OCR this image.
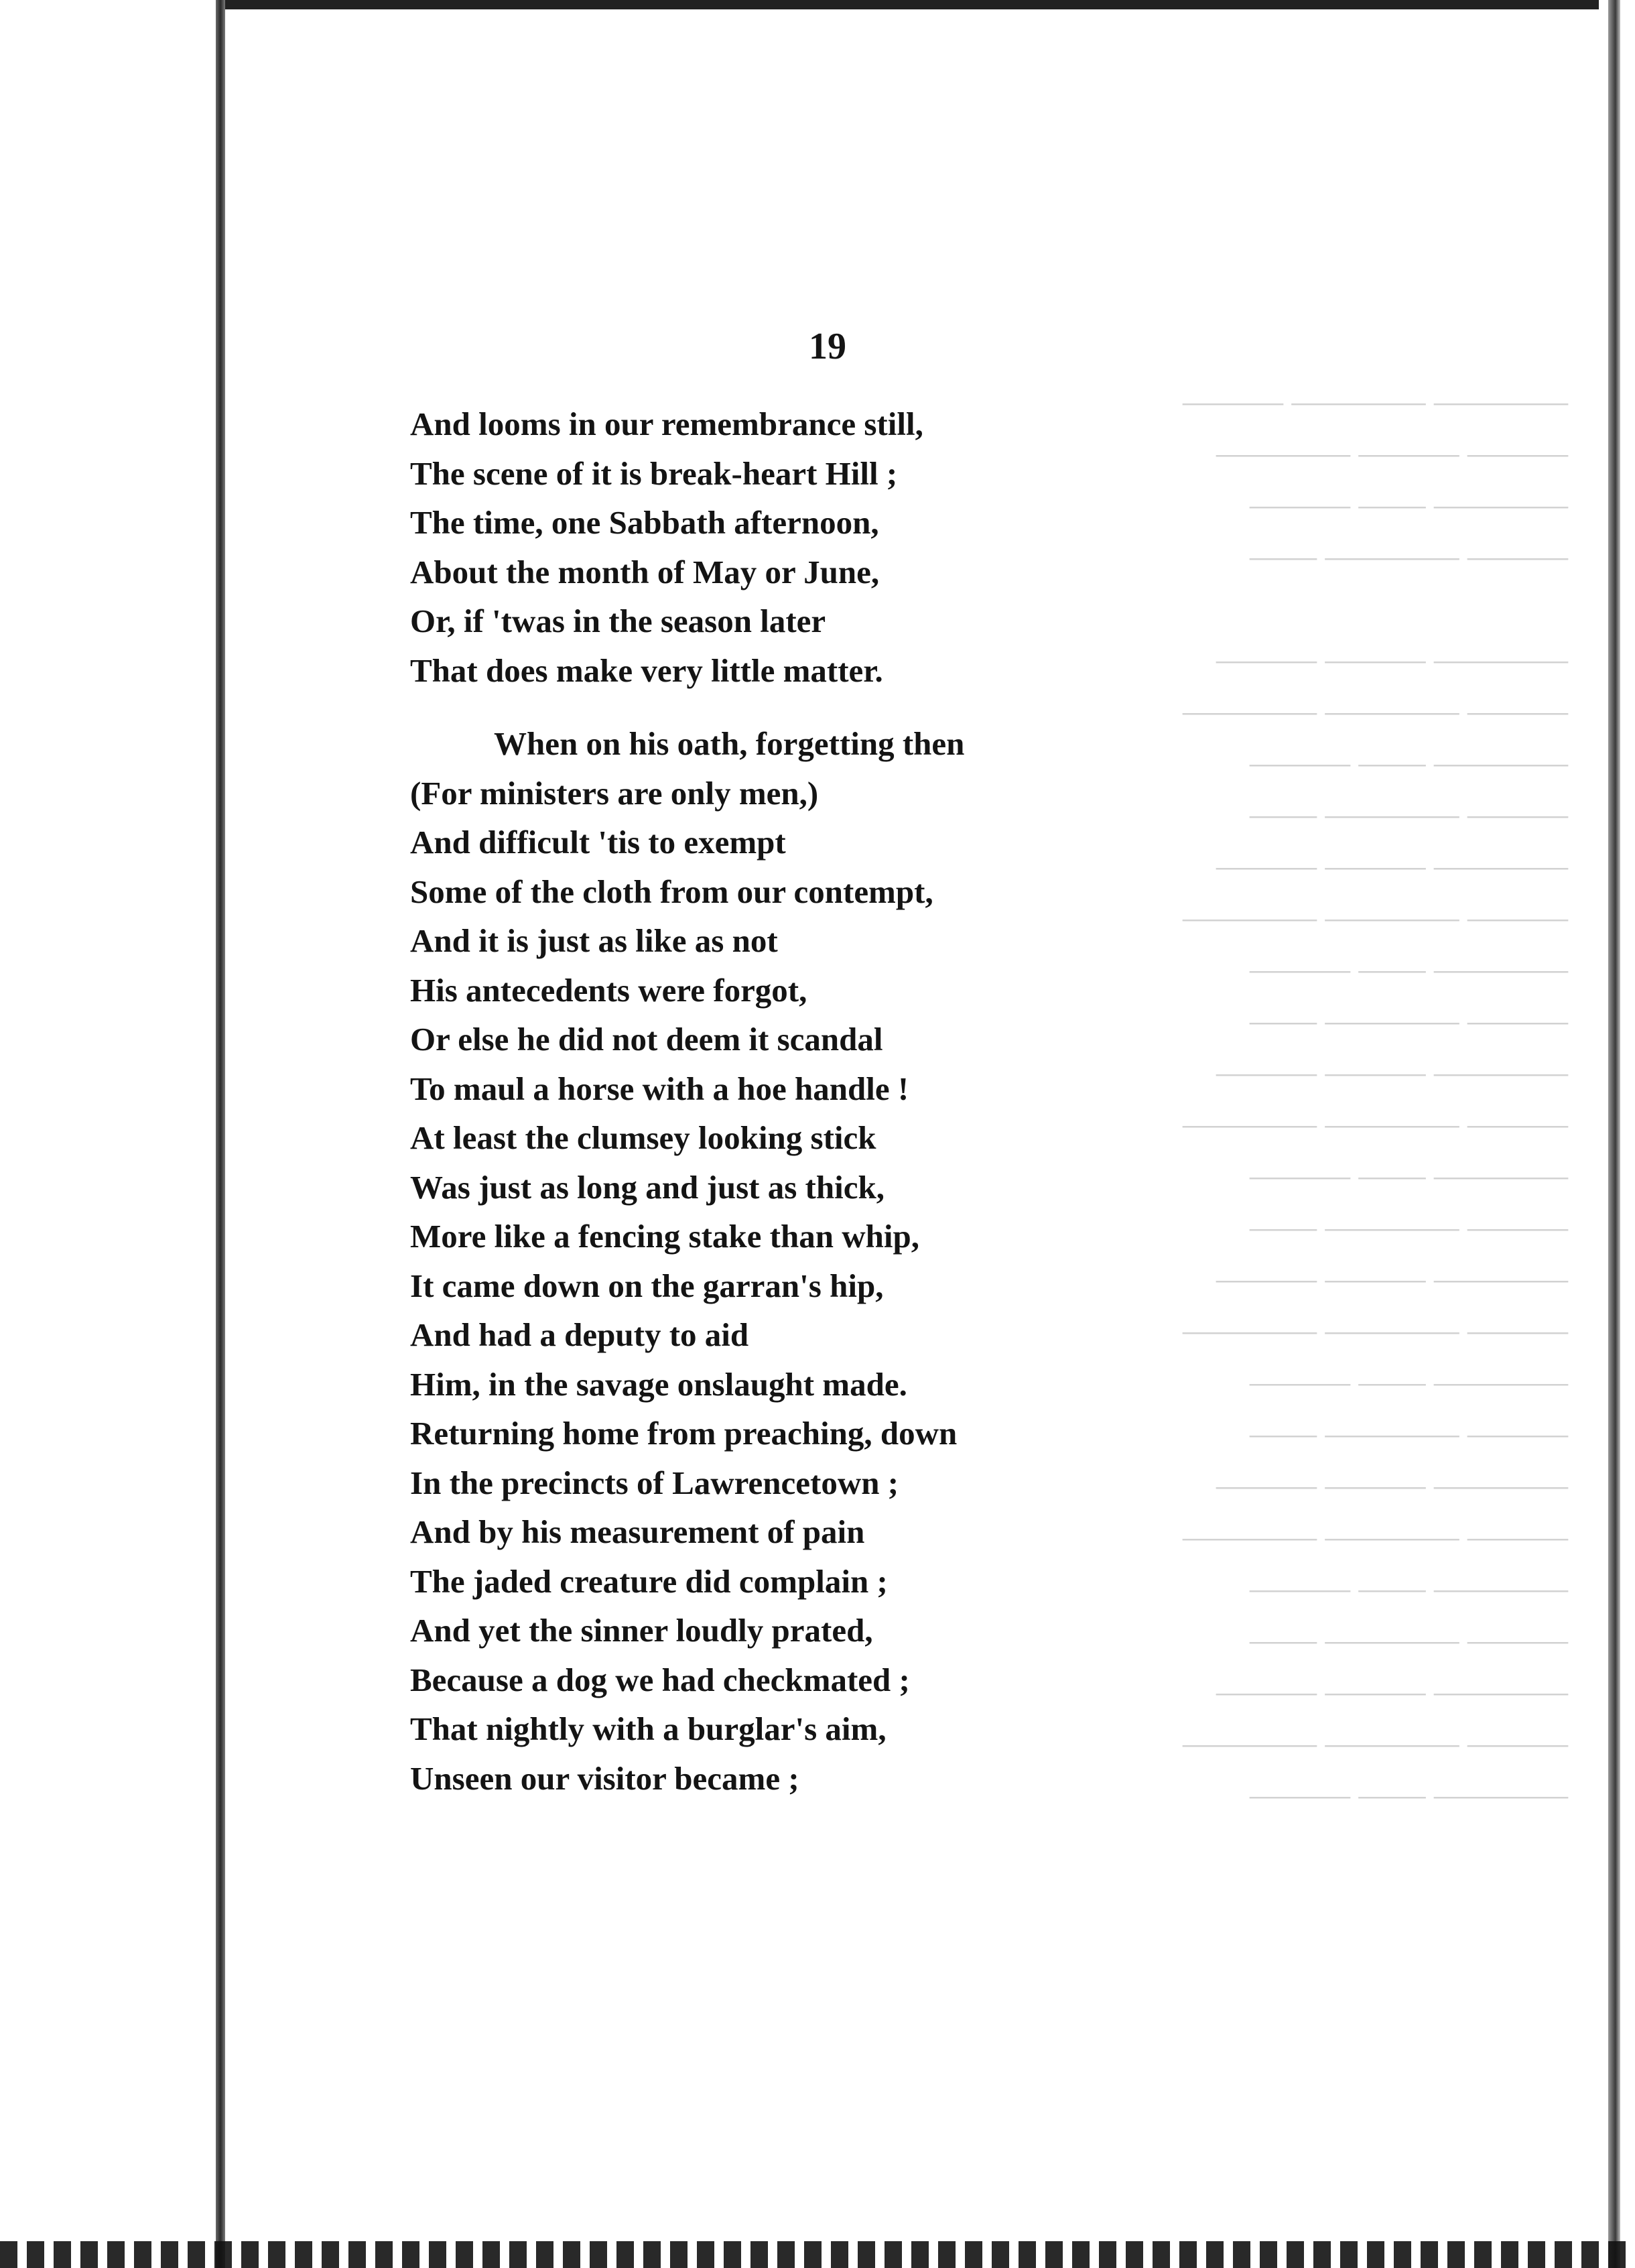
———— ———— ———
——— ——— ————
———— —— ———
——— ———— ——

———— ——— ———
——— ———— ————
———— —— ———
——— ———— ——
———— ——— ———
——— ———— ————
———— —— ———
——— ———— ——
———— ——— ———
——— ———— ————
———— —— ———
——— ———— ——
———— ——— ———
——— ———— ————
———— —— ———
——— ———— ——
———— ——— ———
——— ———— ————
———— —— ———
——— ———— ——
———— ——— ———
——— ———— ————
———— —— ———

19

And looms in our remembrance still,
The scene of it is break-heart Hill ;
The time, one Sabbath afternoon,
About the month of May or June,
Or, if 'twas in the season later
That does make very little matter.
When on his oath, forgetting then
(For ministers are only men,)
And difficult 'tis to exempt
Some of the cloth from our contempt,
And it is just as like as not
His antecedents were forgot,
Or else he did not deem it scandal
To maul a horse with a hoe handle !
At least the clumsey looking stick
Was just as long and just as thick,
More like a fencing stake than whip,
It came down on the garran's hip,
And had a deputy to aid
Him, in the savage onslaught made.
Returning home from preaching, down
In the precincts of Lawrencetown ;
And by his measurement of pain
The jaded creature did complain ;
And yet the sinner loudly prated,
Because a dog we had checkmated ;
That nightly with a burglar's aim,
Unseen our visitor became ;
